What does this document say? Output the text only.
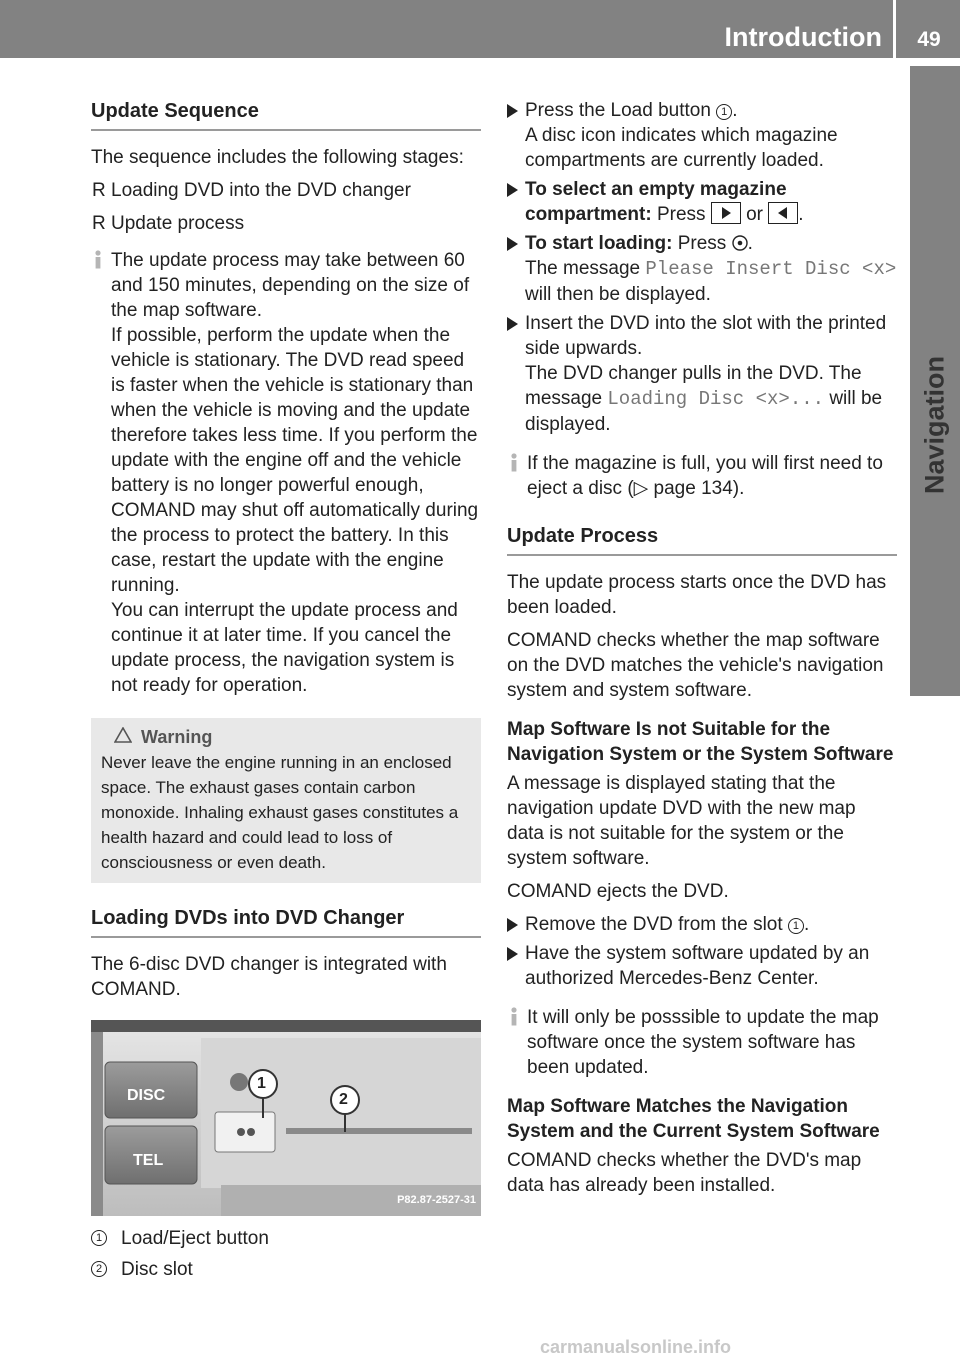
Introduction	49
Navigation
Update Sequence

The sequence includes the following stages:

R Loading DVD into the DVD changer
R Update process

The update process may take between 60 and 150 minutes, depending on the size of the map software.

If possible, perform the update when the vehicle is stationary. The DVD read speed is faster when the vehicle is stationary than when the vehicle is moving and the update therefore takes less time. If you perform the update with the engine off and the vehicle battery is no longer powerful enough, COMAND may shut off automatically during the process to protect the battery. In this case, restart the update with the engine running.

You can interrupt the update process and continue it at later time. If you cancel the update process, the navigation system is not ready for operation.

Warning

Never leave the engine running in an enclosed space. The exhaust gases contain carbon monoxide. Inhaling exhaust gases constitutes a health hazard and could lead to loss of consciousness or even death.

Loading DVDs into DVD Changer

The 6-disc DVD changer is integrated with COMAND.

DISC
TEL
1
2
P82.87-2527-31
1 Load/Eject button
2 Disc slot

Press the Load button 1 .

A disc icon indicates which magazine compartments are currently loaded.

To select an empty magazine compartment: Press or .

To start loading: Press .

The message Please Insert Disc <x>

will then be displayed.

Insert the DVD into the slot with the printed side upwards.

The DVD changer pulls in the DVD. The message Loading Disc <x>... will be displayed.

If the magazine is full, you will first need to eject a disc (▷ page 134).

Update Process

The update process starts once the DVD has been loaded.

COMAND checks whether the map software on the DVD matches the vehicle's navigation system and system software.

Map Software Is not Suitable for the Navigation System or the System Software

A message is displayed stating that the navigation update DVD with the new map data is not suitable for the system or the system software.

COMAND ejects the DVD.

Remove the DVD from the slot 1 .

Have the system software updated by an authorized Mercedes-Benz Center.

It will only be posssible to update the map software once the system software has been updated.

Map Software Matches the Navigation System and the Current System Software

COMAND checks whether the DVD's map data has already been installed.

carmanualsonline.info
